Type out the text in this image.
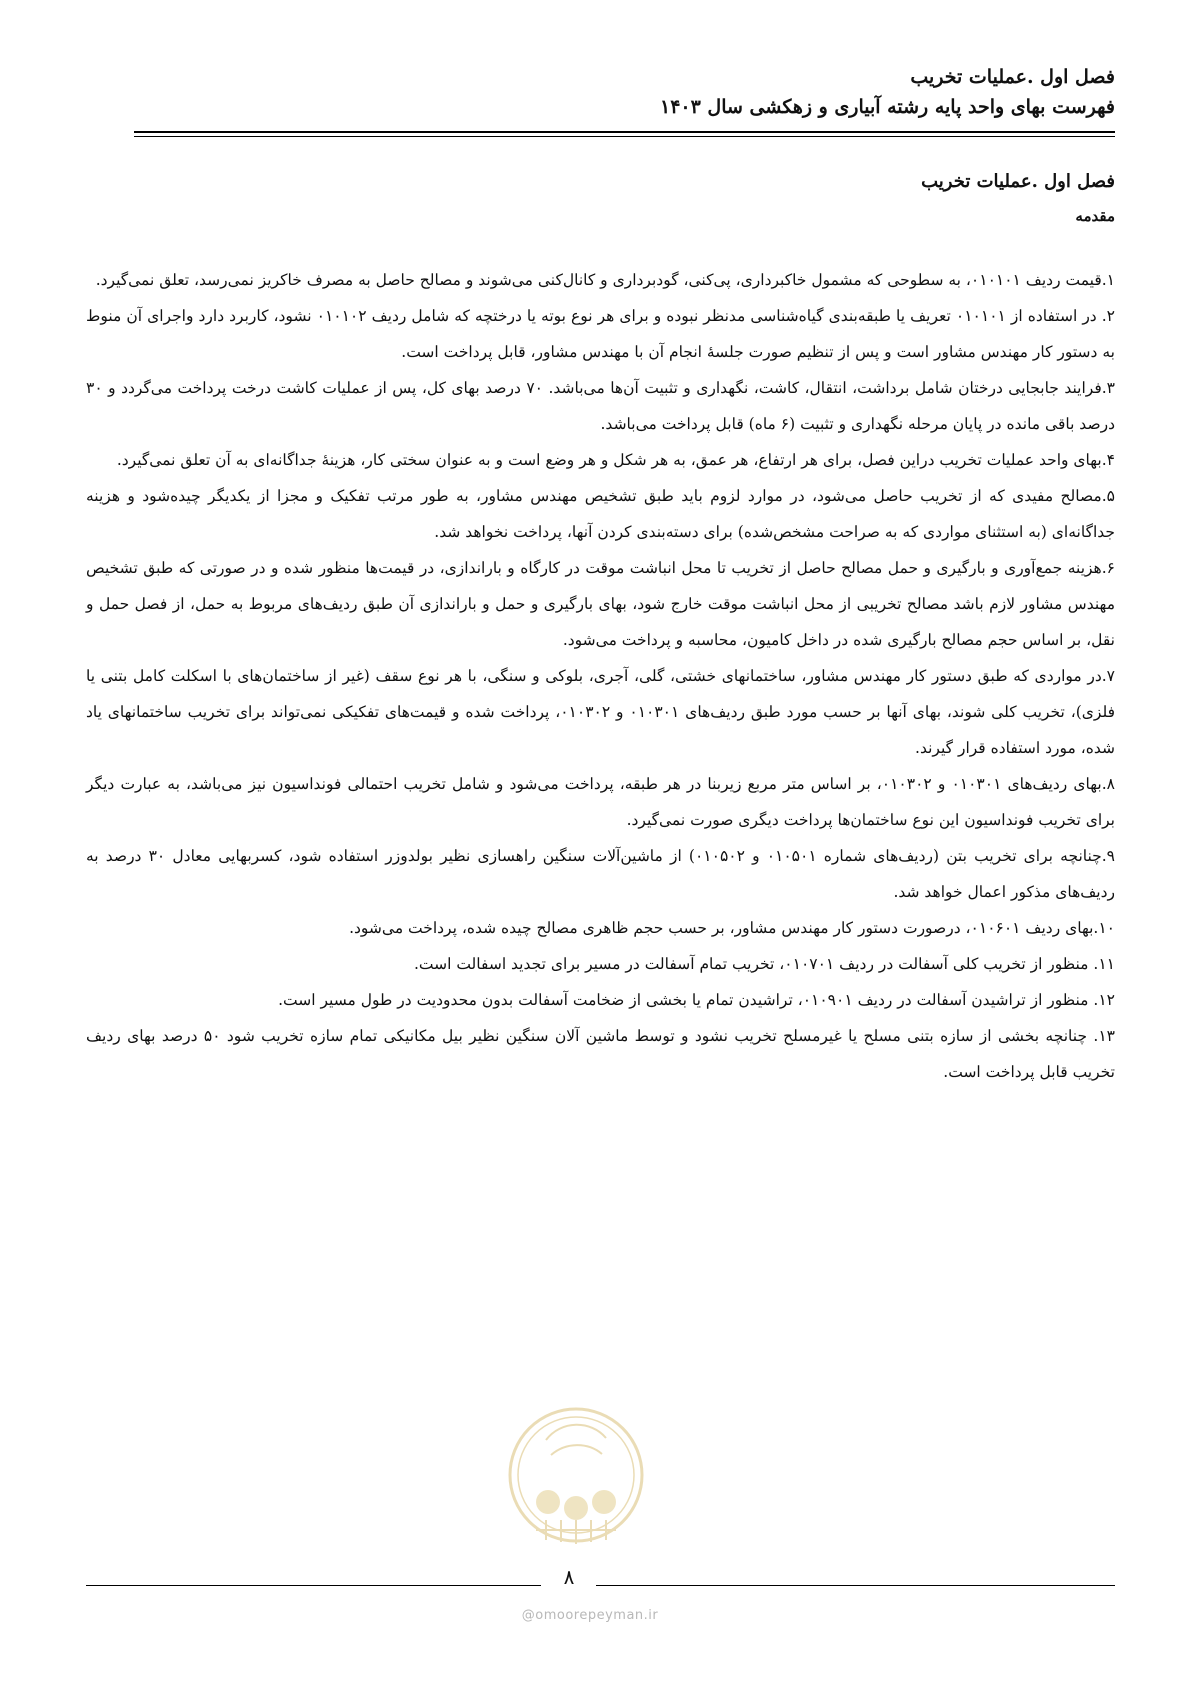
فصل اول .عملیات تخریب
فهرست بهای واحد پایه رشته آبیاری و زهکشی سال ۱۴۰۳
فصل اول .عملیات تخریب
مقدمه

۱.قیمت ردیف ۰۱۰۱۰۱، به سطوحی که مشمول خاکبرداری، پی‌کنی، گودبرداری و کانال‌کنی می‌شوند و مصالح حاصل به مصرف خاکریز نمی‌رسد، تعلق نمی‌گیرد.

۲. در استفاده از ۰۱۰۱۰۱ تعریف یا طبقه‌بندی گیاه‌شناسی مدنظر نبوده و برای هر نوع بوته یا درختچه که شامل ردیف ۰۱۰۱۰۲ نشود، کاربرد دارد واجرای آن منوط به دستور کار مهندس مشاور است و پس از تنظیم صورت جلسهٔ انجام آن با مهندس مشاور، قابل پرداخت است.

۳.فرایند جابجایی درختان شامل برداشت، انتقال، کاشت، نگهداری و تثبیت آن‌ها می‌باشد. ۷۰ درصد بهای کل، پس از عملیات کاشت درخت پرداخت می‌گردد و ۳۰ درصد باقی مانده در پایان مرحله نگهداری و تثبیت (۶ ماه) قابل پرداخت می‌باشد.

۴.بهای واحد عملیات تخریب دراین فصل، برای هر ارتفاع، هر عمق، به هر شکل و هر وضع است و به عنوان سختی کار، هزینهٔ جداگانه‌ای به آن تعلق نمی‌گیرد.

۵.مصالح مفیدی که از تخریب حاصل می‌شود، در موارد لزوم باید طبق تشخیص مهندس مشاور، به طور مرتب تفکیک و مجزا از یکدیگر چیده‌شود و هزینه جداگانه‌ای (به استثنای مواردی که به صراحت مشخص‌شده) برای دسته‌بندی کردن آنها، پرداخت نخواهد شد.

۶.هزینه جمع‌آوری و بارگیری و حمل مصالح حاصل از تخریب تا محل انباشت موقت در کارگاه و باراندازی، در قیمت‌ها منظور شده و در صورتی که طبق تشخیص مهندس مشاور لازم باشد مصالح تخریبی از محل انباشت موقت خارج شود، بهای بارگیری و حمل و باراندازی آن طبق ردیف‌های مربوط به حمل، از فصل حمل و نقل، بر اساس حجم مصالح بارگیری شده در داخل کامیون، محاسبه و پرداخت می‌شود.

۷.در مواردی که طبق دستور کار مهندس مشاور، ساختمانهای خشتی، گلی، آجری، بلوکی و سنگی، با هر نوع سقف (غیر از ساختمان‌های با اسکلت کامل بتنی یا فلزی)، تخریب کلی شوند، بهای آنها بر حسب مورد طبق ردیف‌های ۰۱۰۳۰۱ و ۰۱۰۳۰۲، پرداخت شده و قیمت‌های تفکیکی نمی‌تواند برای تخریب ساختمانهای یاد شده، مورد استفاده قرار گیرند.

۸.بهای ردیف‌های ۰۱۰۳۰۱ و ۰۱۰۳۰۲، بر اساس متر مربع زیربنا در هر طبقه، پرداخت می‌شود و شامل تخریب احتمالی فونداسیون نیز می‌باشد، به عبارت دیگر برای تخریب فونداسیون این نوع ساختمان‌ها پرداخت دیگری صورت نمی‌گیرد.

۹.چنانچه برای تخریب بتن (ردیف‌های شماره ۰۱۰۵۰۱ و ۰۱۰۵۰۲) از ماشین‌آلات سنگین راهسازی نظیر بولدوزر استفاده شود، کسربهایی معادل ۳۰ درصد به ردیف‌های مذکور اعمال خواهد شد.

۱۰.بهای ردیف ۰۱۰۶۰۱، درصورت دستور کار مهندس مشاور، بر حسب حجم ظاهری مصالح چیده شده، پرداخت می‌شود.

۱۱. منظور از تخریب کلی آسفالت در ردیف ۰۱۰۷۰۱، تخریب تمام آسفالت در مسیر برای تجدید اسفالت است.

۱۲. منظور از تراشیدن آسفالت در ردیف ۰۱۰۹۰۱، تراشیدن تمام یا بخشی از ضخامت آسفالت بدون محدودیت در طول مسیر است.

۱۳. چنانچه بخشی از سازه بتنی مسلح یا غیرمسلح تخریب نشود و توسط ماشین آلان سنگین نظیر بیل مکانیکی تمام سازه تخریب شود ۵۰ درصد بهای ردیف تخریب قابل پرداخت است.

۸
@omoorepeyman.ir
